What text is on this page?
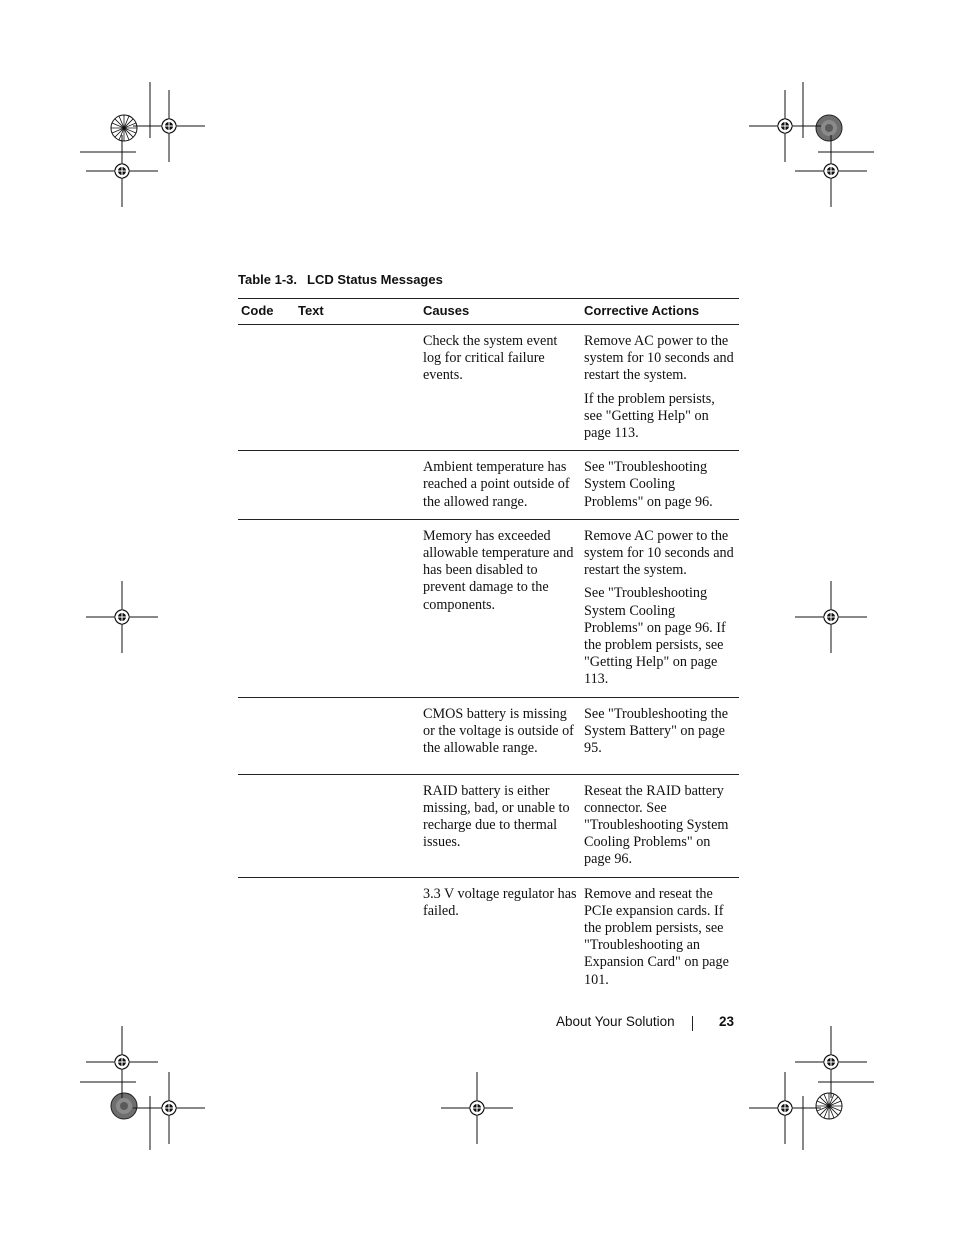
Table 1-3. LCD Status Messages
Code	Text	Causes	Corrective Actions

		Check the system event log for critical failure events.	Remove AC power to the system for 10 seconds and restart the system.

If the problem persists, see "Getting Help" on page 113.

		Ambient temperature has reached a point outside of the allowed range.	See "Troubleshooting System Cooling Problems" on page 96.

		Memory has exceeded allowable temperature and has been disabled to prevent damage to the components.	Remove AC power to the system for 10 seconds and restart the system.

See "Troubleshooting System Cooling Problems" on page 96. If the problem persists, see "Getting Help" on page 113.

		CMOS battery is missing or the voltage is outside of the allowable range.	See "Troubleshooting the System Battery" on page 95.

		RAID battery is either missing, bad, or unable to recharge due to thermal issues.	Reseat the RAID battery connector. See "Troubleshooting System Cooling Problems" on page 96.

		3.3 V voltage regulator has failed.	Remove and reseat the PCIe expansion cards. If the problem persists, see "Troubleshooting an Expansion Card" on page 101.

About Your Solution	23
